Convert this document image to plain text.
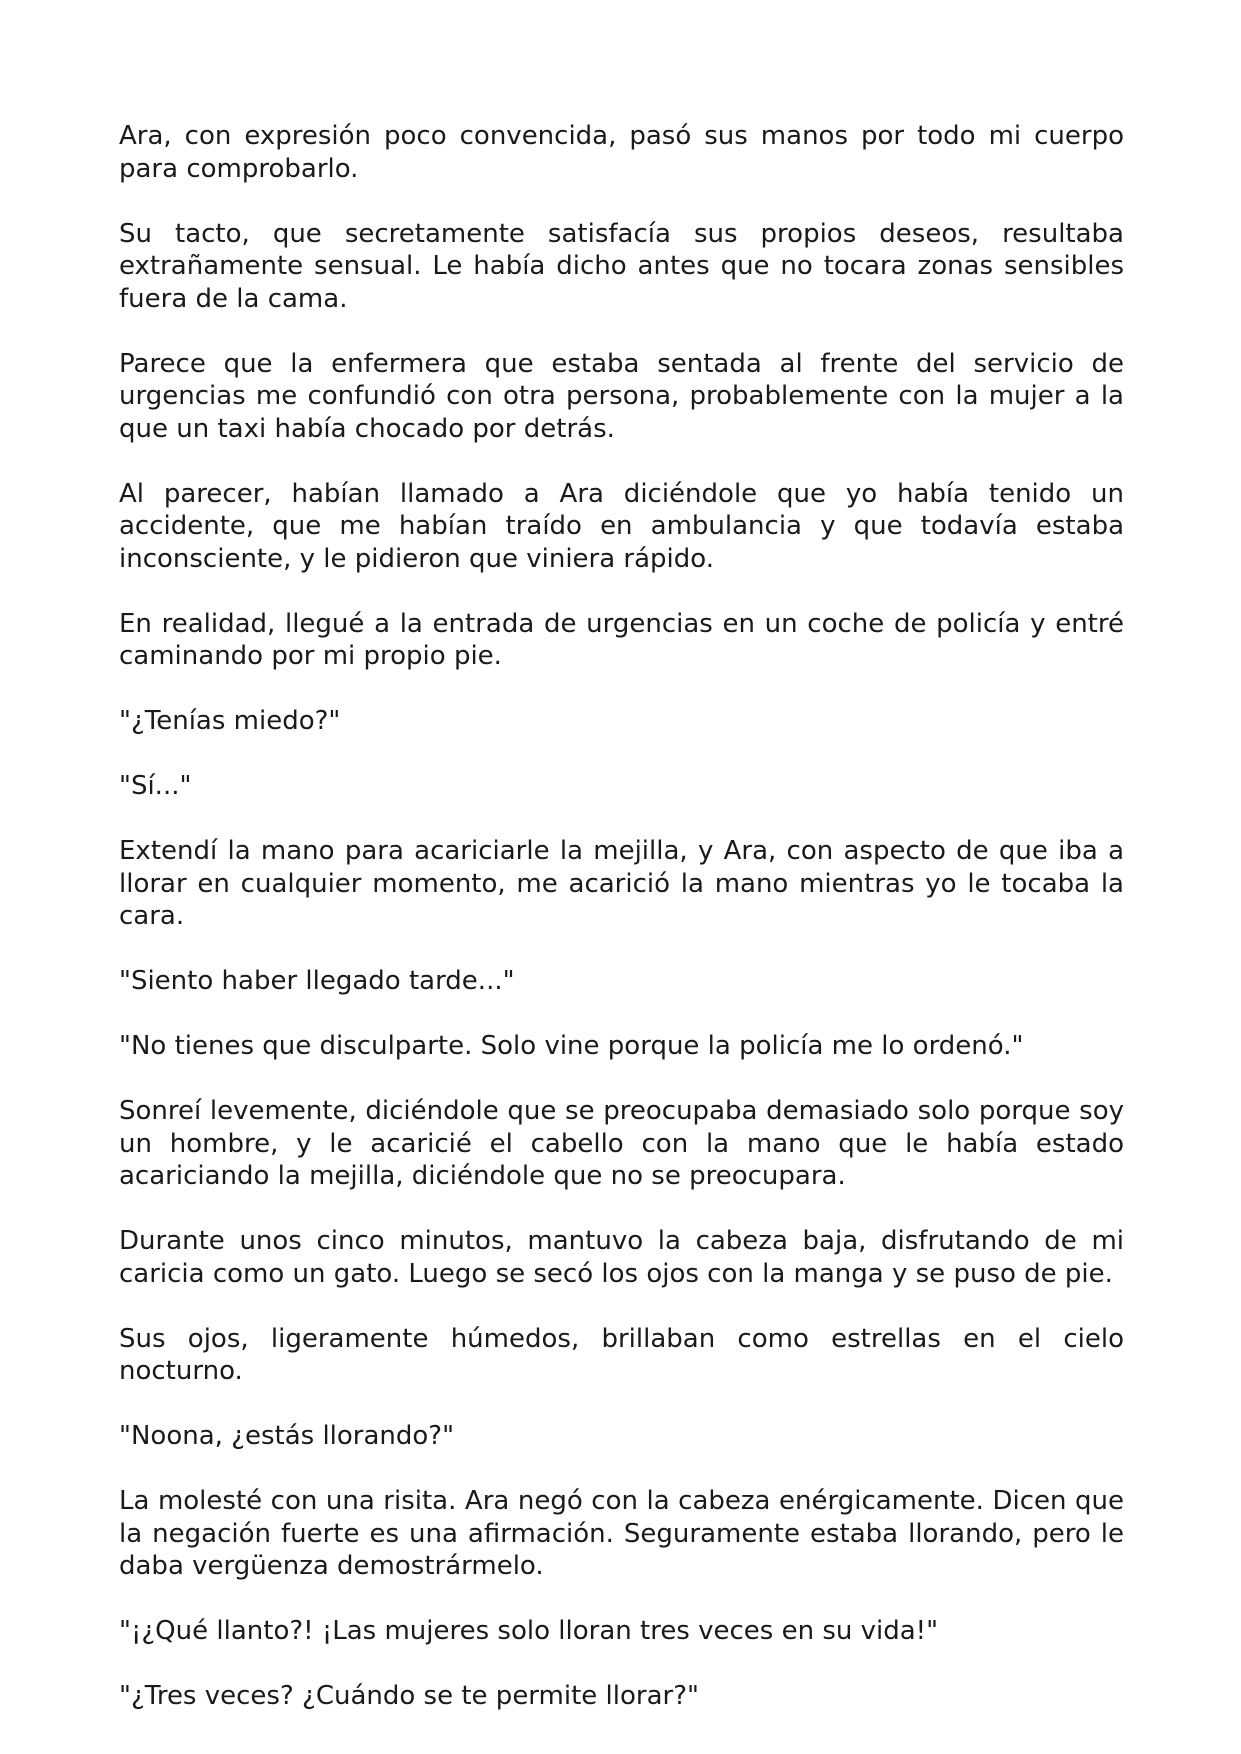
Ara, con expresión poco convencida, pasó sus manos por todo mi cuerpo para comprobarlo.

Su tacto, que secretamente satisfacía sus propios deseos, resultaba extrañamente sensual. Le había dicho antes que no tocara zonas sensibles fuera de la cama.

Parece que la enfermera que estaba sentada al frente del servicio de urgencias me confundió con otra persona, probablemente con la mujer a la que un taxi había chocado por detrás.

Al parecer, habían llamado a Ara diciéndole que yo había tenido un accidente, que me habían traído en ambulancia y que todavía estaba inconsciente, y le pidieron que viniera rápido.

En realidad, llegué a la entrada de urgencias en un coche de policía y entré caminando por mi propio pie.

"¿Tenías miedo?"

"Sí..."

Extendí la mano para acariciarle la mejilla, y Ara, con aspecto de que iba a llorar en cualquier momento, me acarició la mano mientras yo le tocaba la cara.

"Siento haber llegado tarde..."

"No tienes que disculparte. Solo vine porque la policía me lo ordenó."

Sonreí levemente, diciéndole que se preocupaba demasiado solo porque soy un hombre, y le acaricié el cabello con la mano que le había estado acariciando la mejilla, diciéndole que no se preocupara.

Durante unos cinco minutos, mantuvo la cabeza baja, disfrutando de mi caricia como un gato. Luego se secó los ojos con la manga y se puso de pie.

Sus ojos, ligeramente húmedos, brillaban como estrellas en el cielo nocturno.

"Noona, ¿estás llorando?"

La molesté con una risita. Ara negó con la cabeza enérgicamente. Dicen que la negación fuerte es una afirmación. Seguramente estaba llorando, pero le daba vergüenza demostrármelo.

"¡¿Qué llanto?! ¡Las mujeres solo lloran tres veces en su vida!"

"¿Tres veces? ¿Cuándo se te permite llorar?"
